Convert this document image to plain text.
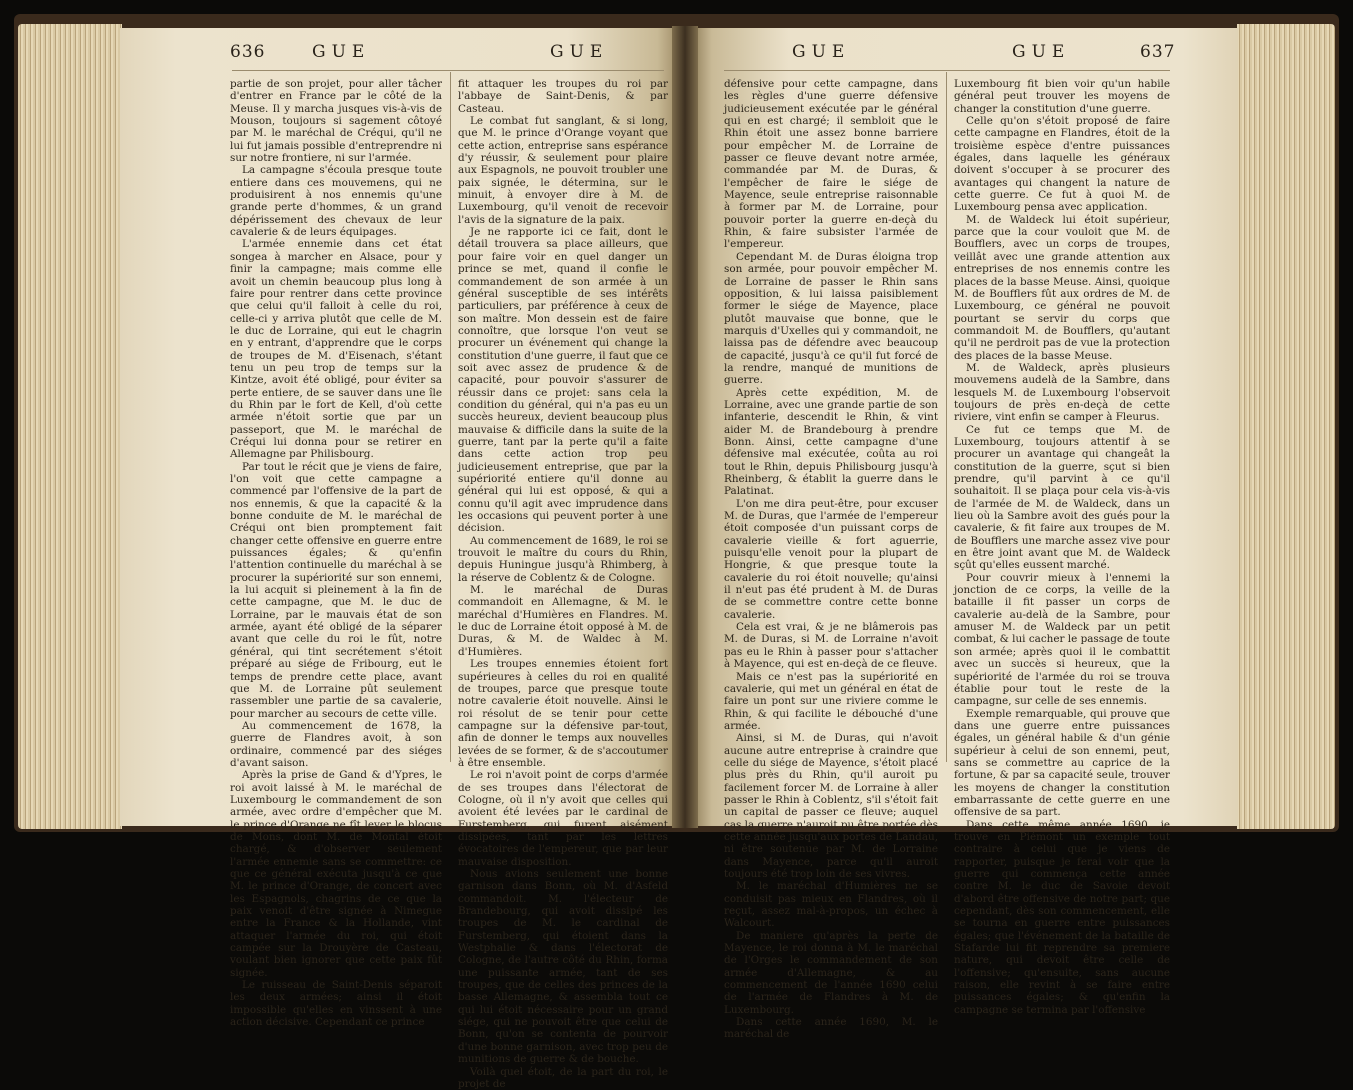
636	GUE	GUE	GUE	GUE	637

partie de son projet, pour aller tâcher d'entrer en France par le côté de la Meuse. Il y marcha jusques vis-à-vis de Mouson, toujours si sagement côtoyé par M. le maréchal de Créqui, qu'il ne lui fut jamais possible d'entreprendre ni sur notre frontiere, ni sur l'armée.

La campagne s'écoula presque toute entiere dans ces mouvemens, qui ne produisirent à nos ennemis qu'une grande perte d'hommes, & un grand dépérissement des chevaux de leur cavalerie & de leurs équipages.

L'armée ennemie dans cet état songea à marcher en Alsace, pour y finir la campagne; mais comme elle avoit un chemin beaucoup plus long à faire pour rentrer dans cette province que celui qu'il falloit à celle du roi, celle-ci y arriva plutôt que celle de M. le duc de Lorraine, qui eut le chagrin en y entrant, d'apprendre que le corps de troupes de M. d'Eisenach, s'étant tenu un peu trop de temps sur la Kintze, avoit été obligé, pour éviter sa perte entiere, de se sauver dans une île du Rhin par le fort de Kell, d'où cette armée n'étoit sortie que par un passeport, que M. le maréchal de Créqui lui donna pour se retirer en Allemagne par Philisbourg.

Par tout le récit que je viens de faire, l'on voit que cette campagne a commencé par l'offensive de la part de nos ennemis, & que la capacité & la bonne conduite de M. le maréchal de Créqui ont bien promptement fait changer cette offensive en guerre entre puissances égales; & qu'enfin l'attention continuelle du maréchal à se procurer la supériorité sur son ennemi, la lui acquit si pleinement à la fin de cette campagne, que M. le duc de Lorraine, par le mauvais état de son armée, ayant été obligé de la séparer avant que celle du roi le fût, notre général, qui tint secrétement s'étoit préparé au siége de Fribourg, eut le temps de prendre cette place, avant que M. de Lorraine pût seulement rassembler une partie de sa cavalerie, pour marcher au secours de cette ville.

Au commencement de 1678, la guerre de Flandres avoit, à son ordinaire, commencé par des siéges d'avant saison.

Après la prise de Gand & d'Ypres, le roi avoit laissé à M. le maréchal de Luxembourg le commandement de son armée, avec ordre d'empêcher que M. le prince d'Orange ne fît lever le blocus de Mons, dont M. de Montal étoit chargé, & d'observer seulement l'armée ennemie sans se commettre: ce que ce général exécuta jusqu'à ce que M. le prince d'Orange, de concert avec les Espagnols, chagrins de ce que la paix venoit d'être signée à Nimegue entre la France & la Hollande, vint attaquer l'armée du roi, qui étoit campée sur la Drouyère de Casteau, voulant bien ignorer que cette paix fût signée.

Le ruisseau de Saint-Denis séparoit les deux armées; ainsi il étoit impossible qu'elles en vinssent à une action décisive. Cependant ce prince

fit attaquer les troupes du roi par l'abbaye de Saint-Denis, & par Casteau.

Le combat fut sanglant, & si long, que M. le prince d'Orange voyant que cette action, entreprise sans espérance d'y réussir, & seulement pour plaire aux Espagnols, ne pouvoit troubler une paix signée, le détermina, sur le minuit, à envoyer dire à M. de Luxembourg, qu'il venoit de recevoir l'avis de la signature de la paix.

Je ne rapporte ici ce fait, dont le détail trouvera sa place ailleurs, que pour faire voir en quel danger un prince se met, quand il confie le commandement de son armée à un général susceptible de ses intérêts particuliers, par préférence à ceux de son maître. Mon dessein est de faire connoître, que lorsque l'on veut se procurer un événement qui change la constitution d'une guerre, il faut que ce soit avec assez de prudence & de capacité, pour pouvoir s'assurer de réussir dans ce projet: sans cela la condition du général, qui n'a pas eu un succès heureux, devient beaucoup plus mauvaise & difficile dans la suite de la guerre, tant par la perte qu'il a faite dans cette action trop peu judicieusement entreprise, que par la supériorité entiere qu'il donne au général qui lui est opposé, & qui a connu qu'il agit avec imprudence dans les occasions qui peuvent porter à une décision.

Au commencement de 1689, le roi se trouvoit le maître du cours du Rhin, depuis Huningue jusqu'à Rhimberg, à la réserve de Coblentz & de Cologne.

M. le maréchal de Duras commandoit en Allemagne, & M. le maréchal d'Humières en Flandres. M. le duc de Lorraine étoit opposé à M. de Duras, & M. de Waldec à M. d'Humières.

Les troupes ennemies étoient fort supérieures à celles du roi en qualité de troupes, parce que presque toute notre cavalerie étoit nouvelle. Ainsi le roi résolut de se tenir pour cette campagne sur la défensive par-tout, afin de donner le temps aux nouvelles levées de se former, & de s'accoutumer à être ensemble.

Le roi n'avoit point de corps d'armée de ses troupes dans l'électorat de Cologne, où il n'y avoit que celles qui avoient été levées par le cardinal de Furstemberg, qui furent aisément dissipées, tant par les lettres évocatoires de l'empereur, que par leur mauvaise disposition.

Nous avions seulement une bonne garnison dans Bonn, où M. d'Asfeld commandoit. M. l'électeur de Brandebourg, qui avoit dissipé les troupes de M. le cardinal de Furstemberg, qui étoient dans la Westphalie & dans l'électorat de Cologne, de l'autre côté du Rhin, forma une puissante armée, tant de ses troupes, que de celles des princes de la basse Allemagne, & assembla tout ce qui lui étoit nécessaire pour un grand siége, qui ne pouvoit être que celui de Bonn, qu'on se contenta de pourvoir d'une bonne garnison, avec trop peu de munitions de guerre & de bouche.

Voilà quel étoit, de la part du roi, le projet de

défensive pour cette campagne, dans les règles d'une guerre défensive judicieusement exécutée par le général qui en est chargé; il sembloit que le Rhin étoit une assez bonne barriere pour empêcher M. de Lorraine de passer ce fleuve devant notre armée, commandée par M. de Duras, & l'empêcher de faire le siége de Mayence, seule entreprise raisonnable à former par M. de Lorraine, pour pouvoir porter la guerre en-deçà du Rhin, & faire subsister l'armée de l'empereur.

Cependant M. de Duras éloigna trop son armée, pour pouvoir empêcher M. de Lorraine de passer le Rhin sans opposition, & lui laissa paisiblement former le siége de Mayence, place plutôt mauvaise que bonne, que le marquis d'Uxelles qui y commandoit, ne laissa pas de défendre avec beaucoup de capacité, jusqu'à ce qu'il fut forcé de la rendre, manqué de munitions de guerre.

Après cette expédition, M. de Lorraine, avec une grande partie de son infanterie, descendit le Rhin, & vint aider M. de Brandebourg à prendre Bonn. Ainsi, cette campagne d'une défensive mal exécutée, coûta au roi tout le Rhin, depuis Philisbourg jusqu'à Rheinberg, & établit la guerre dans le Palatinat.

L'on me dira peut-être, pour excuser M. de Duras, que l'armée de l'empereur étoit composée d'un puissant corps de cavalerie vieille & fort aguerrie, puisqu'elle venoit pour la plupart de Hongrie, & que presque toute la cavalerie du roi étoit nouvelle; qu'ainsi il n'eut pas été prudent à M. de Duras de se commettre contre cette bonne cavalerie.

Cela est vrai, & je ne blâmerois pas M. de Duras, si M. de Lorraine n'avoit pas eu le Rhin à passer pour s'attacher à Mayence, qui est en-deçà de ce fleuve.

Mais ce n'est pas la supériorité en cavalerie, qui met un général en état de faire un pont sur une riviere comme le Rhin, & qui facilite le débouché d'une armée.

Ainsi, si M. de Duras, qui n'avoit aucune autre entreprise à craindre que celle du siége de Mayence, s'étoit placé plus près du Rhin, qu'il auroit pu facilement forcer M. de Lorraine à aller passer le Rhin à Coblentz, s'il s'étoit fait un capital de passer ce fleuve; auquel cas la guerre n'auroit pu être portée dès cette année jusqu'aux portes de Landau, ni être soutenue par M. de Lorraine dans Mayence, parce qu'il auroit toujours été trop loin de ses vivres.

M. le maréchal d'Humières ne se conduisit pas mieux en Flandres, où il reçut, assez mal-à-propos, un échec à Walcourt.

De maniere qu'après la perte de Mayence, le roi donna à M. le maréchal de l'Orges le commandement de son armée d'Allemagne, & au commencement de l'année 1690 celui de l'armée de Flandres à M. de Luxembourg.

Dans cette année 1690, M. le maréchal de

Luxembourg fit bien voir qu'un habile général peut trouver les moyens de changer la constitution d'une guerre.

Celle qu'on s'étoit proposé de faire cette campagne en Flandres, étoit de la troisième espèce d'entre puissances égales, dans laquelle les généraux doivent s'occuper à se procurer des avantages qui changent la nature de cette guerre. Ce fut à quoi M. de Luxembourg pensa avec application.

M. de Waldeck lui étoit supérieur, parce que la cour vouloit que M. de Boufflers, avec un corps de troupes, veillât avec une grande attention aux entreprises de nos ennemis contre les places de la basse Meuse. Ainsi, quoique M. de Boufflers fût aux ordres de M. de Luxembourg, ce général ne pouvoit pourtant se servir du corps que commandoit M. de Boufflers, qu'autant qu'il ne perdroit pas de vue la protection des places de la basse Meuse.

M. de Waldeck, après plusieurs mouvemens audelà de la Sambre, dans lesquels M. de Luxembourg l'observoit toujours de près en-deçà de cette riviere, vint enfin se camper à Fleurus.

Ce fut ce temps que M. de Luxembourg, toujours attentif à se procurer un avantage qui changeât la constitution de la guerre, sçut si bien prendre, qu'il parvint à ce qu'il souhaitoit. Il se plaça pour cela vis-à-vis de l'armée de M. de Waldeck, dans un lieu où la Sambre avoit des gués pour la cavalerie, & fit faire aux troupes de M. de Boufflers une marche assez vive pour en être joint avant que M. de Waldeck sçût qu'elles eussent marché.

Pour couvrir mieux à l'ennemi la jonction de ce corps, la veille de la bataille il fit passer un corps de cavalerie au-delà de la Sambre, pour amuser M. de Waldeck par un petit combat, & lui cacher le passage de toute son armée; après quoi il le combattit avec un succès si heureux, que la supériorité de l'armée du roi se trouva établie pour tout le reste de la campagne, sur celle de ses ennemis.

Exemple remarquable, qui prouve que dans une guerre entre puissances égales, un général habile & d'un génie supérieur à celui de son ennemi, peut, sans se commettre au caprice de la fortune, & par sa capacité seule, trouver les moyens de changer la constitution embarrassante de cette guerre en une offensive de sa part.

Dans cette même année 1690, je trouve en Piémont un exemple tout contraire à celui que je viens de rapporter, puisque je ferai voir que la guerre qui commença cette année contre M. le duc de Savoie devoit d'abord être offensive de notre part; que cependant, dès son commencement, elle se tourna en guerre entre puissances égales; que l'événement de la bataille de Stafarde lui fit reprendre sa premiere nature, qui devoit être celle de l'offensive; qu'ensuite, sans aucune raison, elle revint à se faire entre puissances égales; & qu'enfin la campagne se termina par l'offensive
